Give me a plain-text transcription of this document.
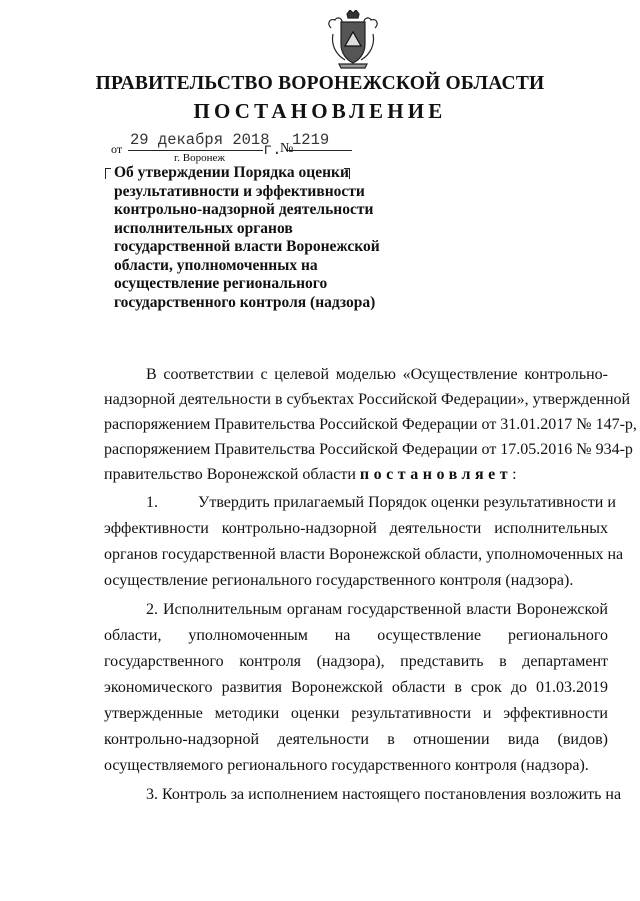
ПРАВИТЕЛЬСТВО ВОРОНЕЖСКОЙ ОБЛАСТИ
ПОСТАНОВЛЕНИЕ
от 29 декабря 2018
г.
№
1219
г. Воронеж
Об утверждении Порядка оценки
результативности и эффективности
контрольно-надзорной деятельности
исполнительных органов
государственной власти Воронежской
области, уполномоченных на
осуществление регионального
государственного контроля (надзора)
В соответствии с целевой моделью «Осуществление контрольно-
надзорной деятельности в субъектах Российской Федерации», утвержденной
распоряжением Правительства Российской Федерации от 31.01.2017 № 147-р,
распоряжением Правительства Российской Федерации от 17.05.2016 № 934-р
правительство Воронежской области постановляет:
1.	Утвердить прилагаемый Порядок оценки результативности и
эффективности контрольно-надзорной деятельности исполнительных
органов государственной власти Воронежской области, уполномоченных на
осуществление регионального государственного контроля (надзора).
2. Исполнительным органам государственной власти Воронежской
области, уполномоченным на осуществление регионального
государственного контроля (надзора), представить в департамент
экономического развития Воронежской области в срок до 01.03.2019
утвержденные методики оценки результативности и эффективности
контрольно-надзорной деятельности в отношении вида (видов)
осуществляемого регионального государственного контроля (надзора).
3. Контроль за исполнением настоящего постановления возложить на
